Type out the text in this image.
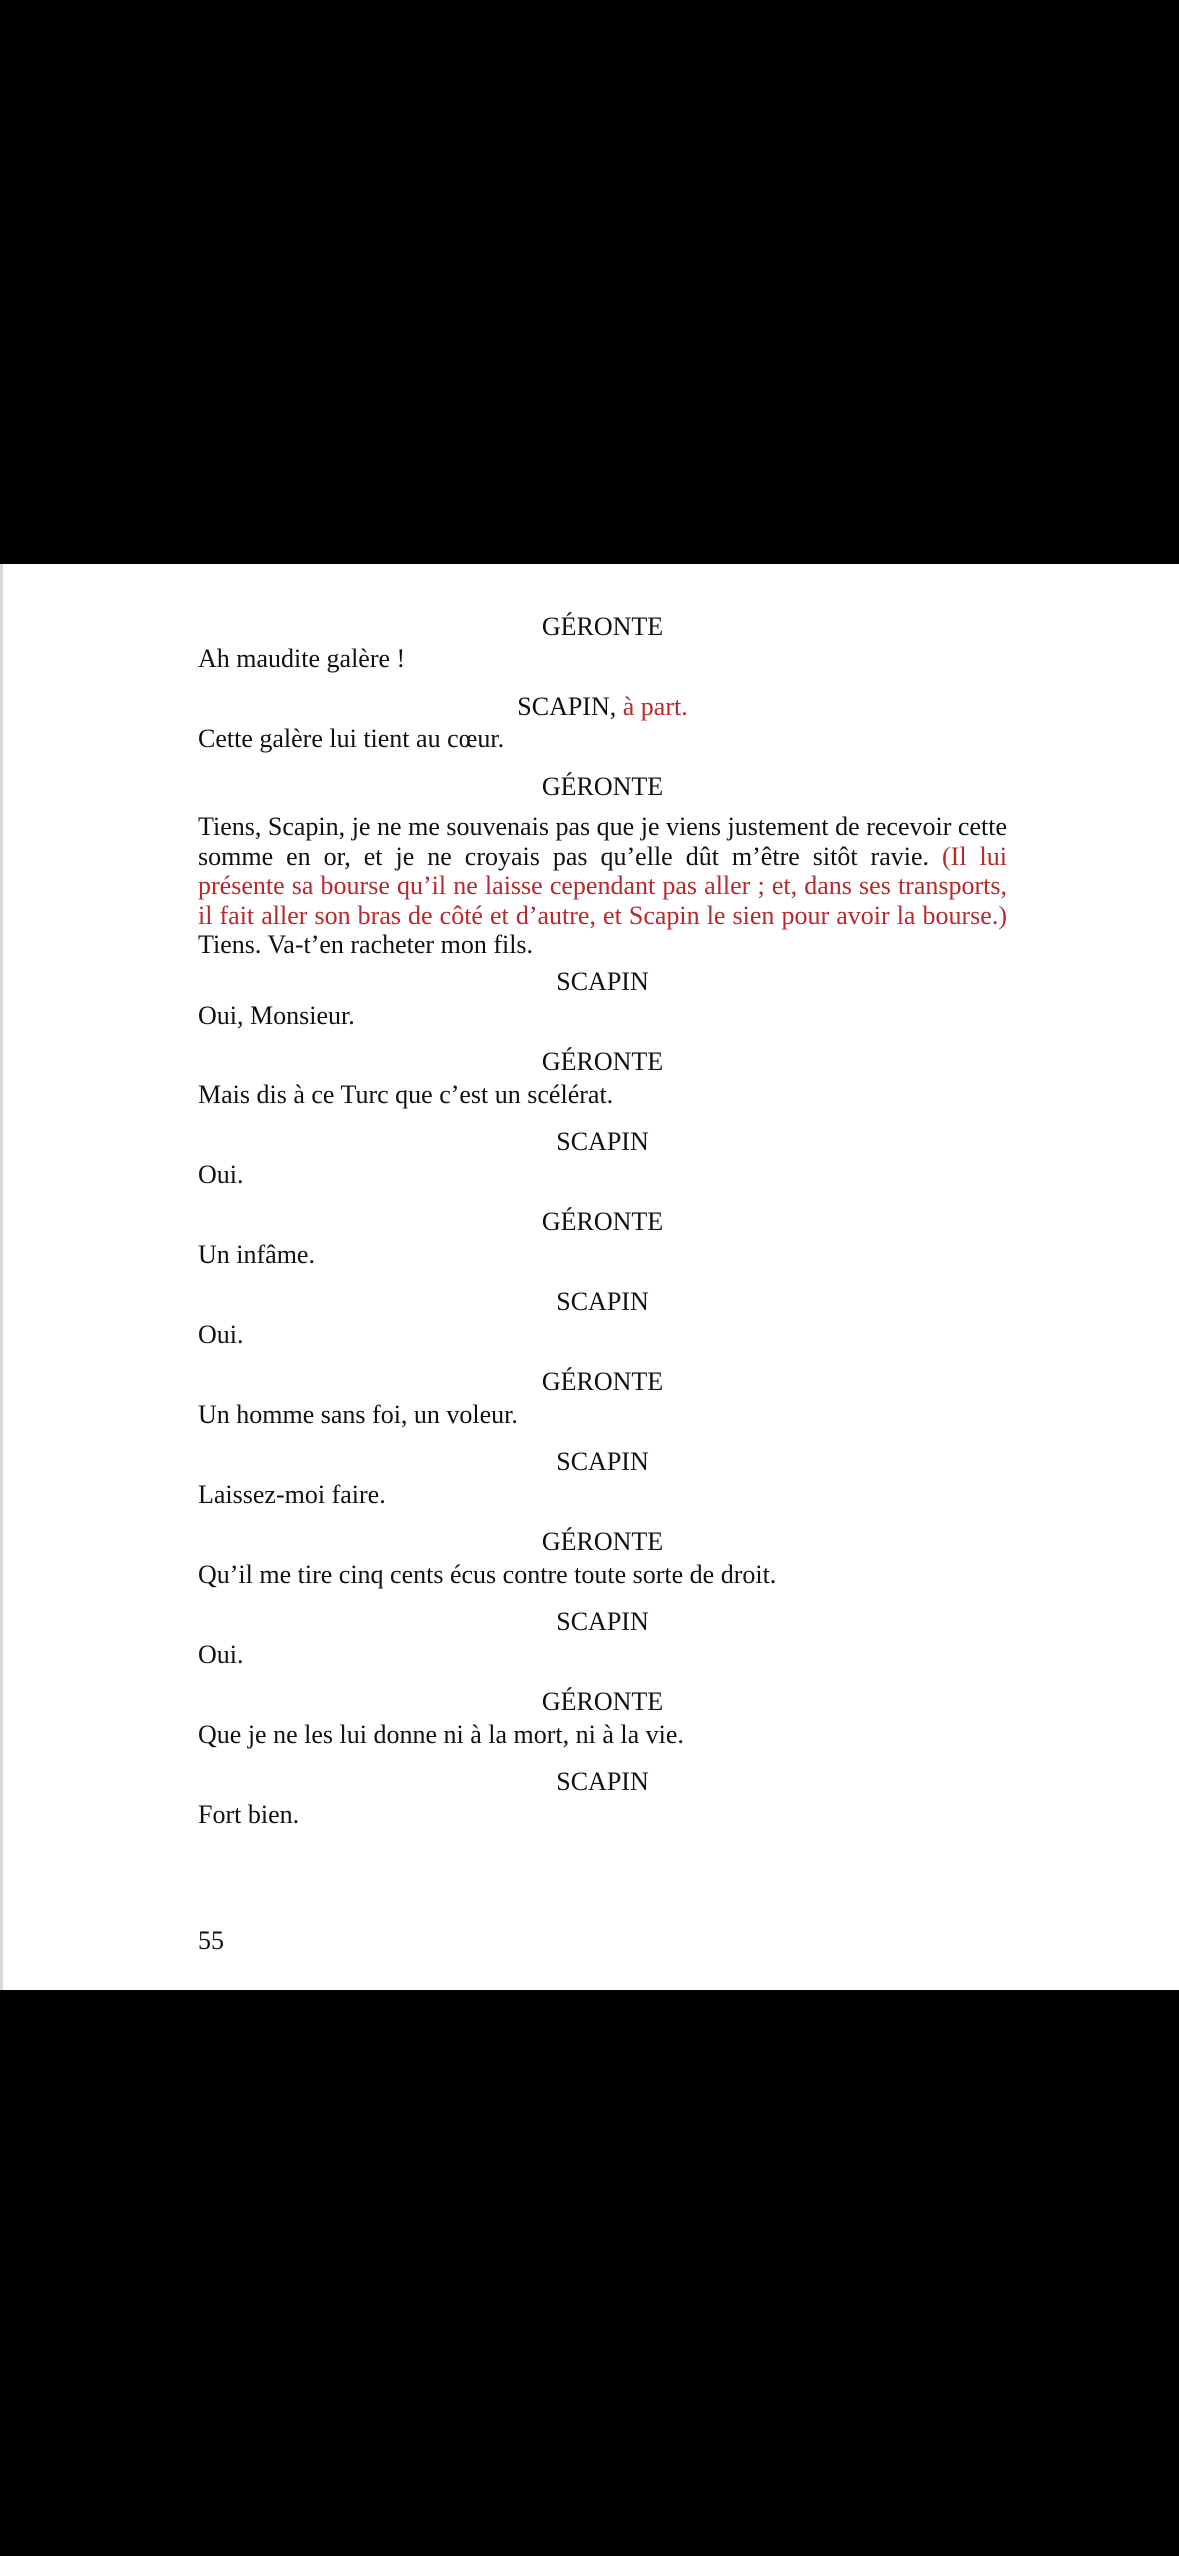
GÉRONTE

Ah maudite galère !

SCAPIN, à part.

Cette galère lui tient au cœur.

GÉRONTE

Tiens, Scapin, je ne me souvenais pas que je viens justement de recevoir cette somme en or, et je ne croyais pas qu’elle dût m’être sitôt ravie. (Il lui présente sa bourse qu’il ne laisse cependant pas aller ; et, dans ses transports, il fait aller son bras de côté et d’autre, et Scapin le sien pour avoir la bourse.) Tiens. Va-t’en racheter mon fils.

SCAPIN

Oui, Monsieur.

GÉRONTE

Mais dis à ce Turc que c’est un scélérat.

SCAPIN

Oui.

GÉRONTE

Un infâme.

SCAPIN

Oui.

GÉRONTE

Un homme sans foi, un voleur.

SCAPIN

Laissez-moi faire.

GÉRONTE

Qu’il me tire cinq cents écus contre toute sorte de droit.

SCAPIN

Oui.

GÉRONTE

Que je ne les lui donne ni à la mort, ni à la vie.

SCAPIN

Fort bien.

55
